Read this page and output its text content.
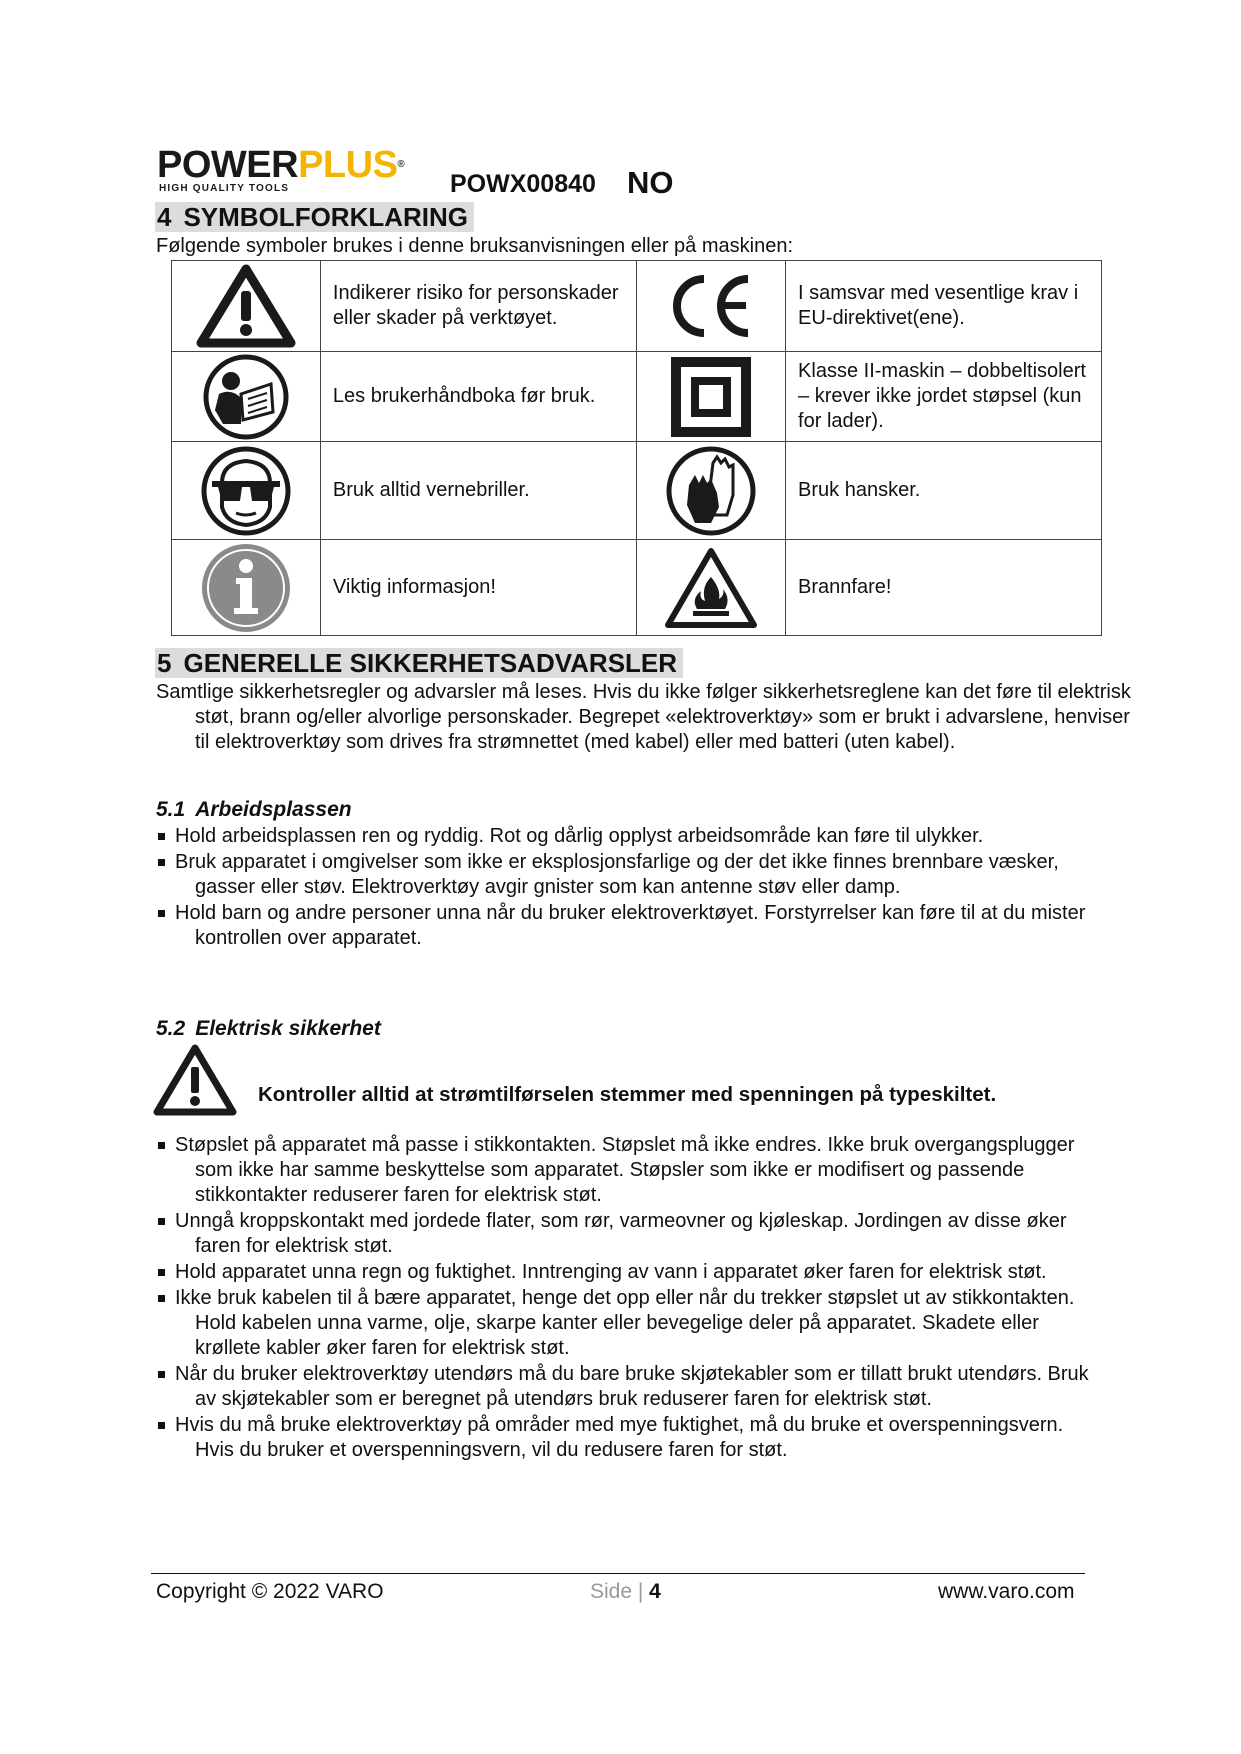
POWERPLUS®
HIGH QUALITY TOOLS	POWX00840 NO
4 SYMBOLFORKLARING
Følgende symboler brukes i denne bruksanvisningen eller på maskinen:
	Indikerer risiko for personskader eller skader på verktøyet.		I samsvar med vesentlige krav i EU-direktivet(ene).

	Les brukerhåndboka før bruk.		Klasse II-maskin – dobbeltisolert – krever ikke jordet støpsel (kun for lader).

	Bruk alltid vernebriller.		Bruk hansker.

	Viktig informasjon!		Brannfare!
5 GENERELLE SIKKERHETSADVARSLER
Samtlige sikkerhetsregler og advarsler må leses. Hvis du ikke følger sikkerhetsreglene kan det føre til elektrisk støt, brann og/eller alvorlige personskader. Begrepet «elektroverktøy» som er brukt i advarslene, henviser til elektroverktøy som drives fra strømnettet (med kabel) eller med batteri (uten kabel).
5.1 Arbeidsplassen
Hold arbeidsplassen ren og ryddig. Rot og dårlig opplyst arbeidsområde kan føre til ulykker.
Bruk apparatet i omgivelser som ikke er eksplosjonsfarlige og der det ikke finnes brennbare væsker, gasser eller støv. Elektroverktøy avgir gnister som kan antenne støv eller damp.
Hold barn og andre personer unna når du bruker elektroverktøyet. Forstyrrelser kan føre til at du mister kontrollen over apparatet.
5.2 Elektrisk sikkerhet
Kontroller alltid at strømtilførselen stemmer med spenningen på typeskiltet.
Støpslet på apparatet må passe i stikkontakten. Støpslet må ikke endres. Ikke bruk overgangsplugger som ikke har samme beskyttelse som apparatet. Støpsler som ikke er modifisert og passende stikkontakter reduserer faren for elektrisk støt.
Unngå kroppskontakt med jordede flater, som rør, varmeovner og kjøleskap. Jordingen av disse øker faren for elektrisk støt.
Hold apparatet unna regn og fuktighet. Inntrenging av vann i apparatet øker faren for elektrisk støt.
Ikke bruk kabelen til å bære apparatet, henge det opp eller når du trekker støpslet ut av stikkontakten. Hold kabelen unna varme, olje, skarpe kanter eller bevegelige deler på apparatet. Skadete eller krøllete kabler øker faren for elektrisk støt.
Når du bruker elektroverktøy utendørs må du bare bruke skjøtekabler som er tillatt brukt utendørs. Bruk av skjøtekabler som er beregnet på utendørs bruk reduserer faren for elektrisk støt.
Hvis du må bruke elektroverktøy på områder med mye fuktighet, må du bruke et overspenningsvern. Hvis du bruker et overspenningsvern, vil du redusere faren for støt.
Copyright © 2022 VARO	Side | 4	www.varo.com
